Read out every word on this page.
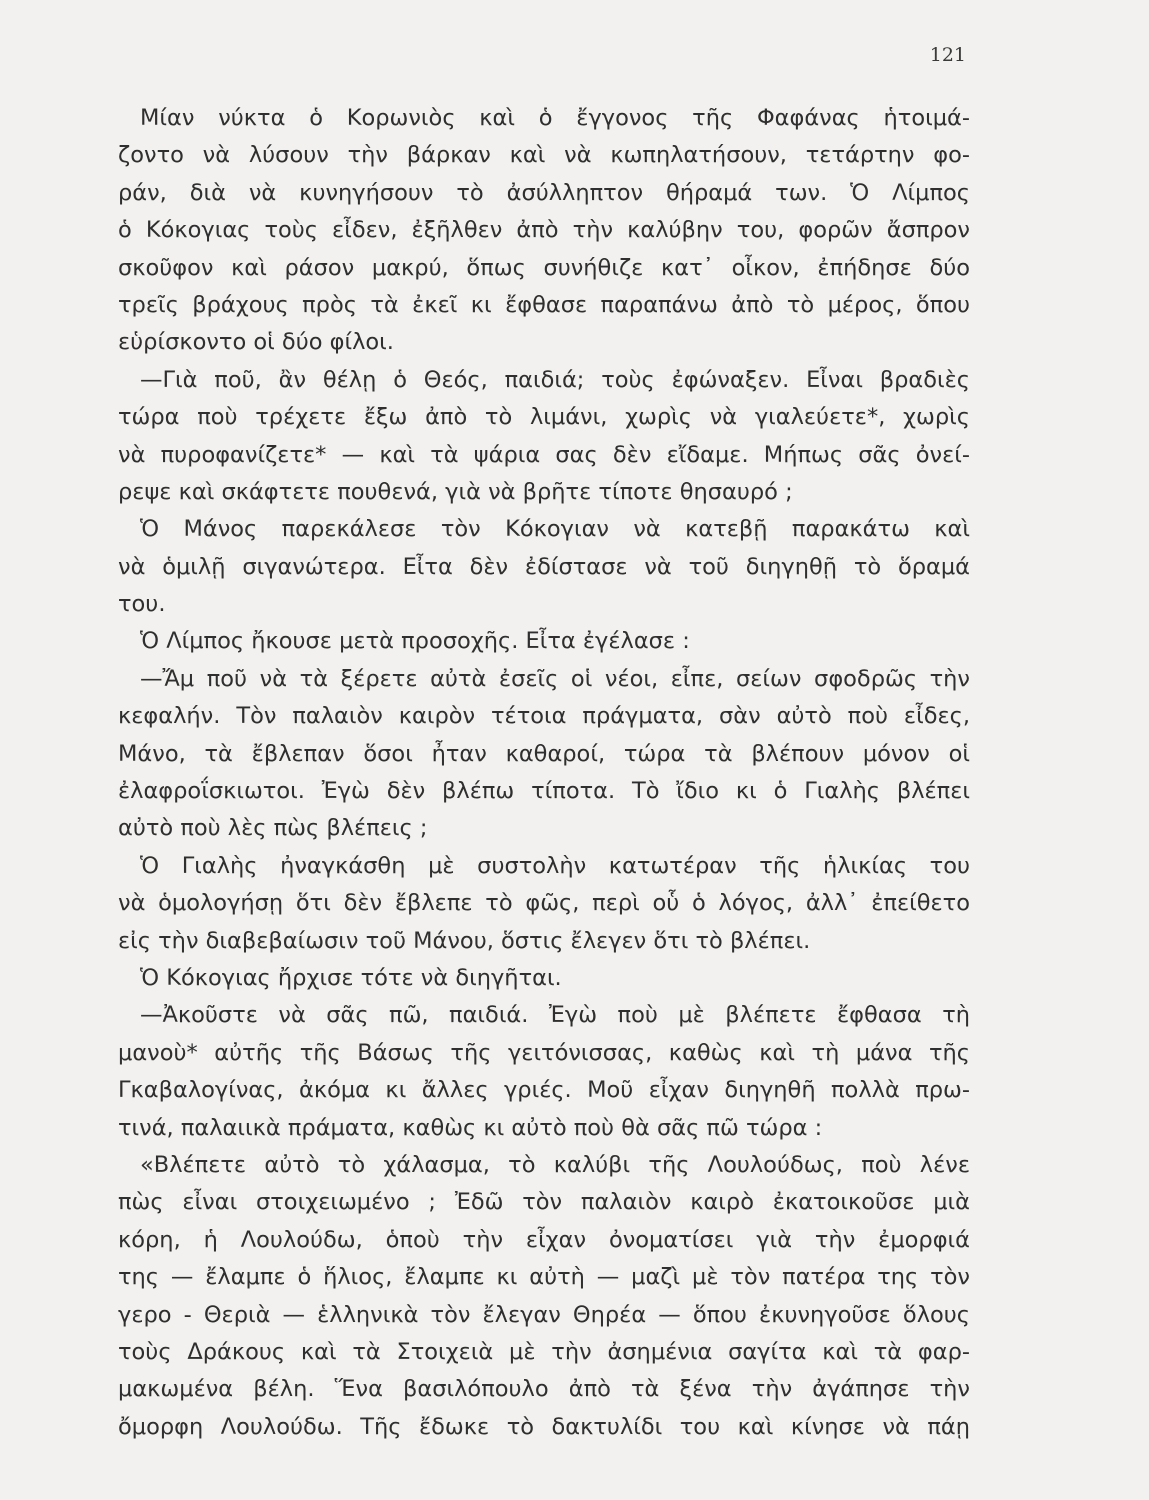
121
Μίαν νύκτα ὁ Κορωνιὸς καὶ ὁ ἔγγονος τῆς Φαφάνας ἡτοιμά-
ζοντο νὰ λύσουν τὴν βάρκαν καὶ νὰ κωπηλατήσουν, τετάρτην φο-
ράν, διὰ νὰ κυνηγήσουν τὸ ἀσύλληπτον θήραμά των. Ὁ Λίμπος
ὁ Κόκογιας τοὺς εἶδεν, ἐξῆλθεν ἀπὸ τὴν καλύβην του, φορῶν ἄσπρον
σκοῦφον καὶ ράσον μακρύ, ὅπως συνήθιζε κατ᾽ οἶκον, ἐπήδησε δύο
τρεῖς βράχους πρὸς τὰ ἐκεῖ κι ἔφθασε παραπάνω ἀπὸ τὸ μέρος, ὅπου
εὑρίσκοντο οἱ δύο φίλοι.
—Γιὰ ποῦ, ἂν θέλῃ ὁ Θεός, παιδιά; τοὺς ἐφώναξεν. Εἶναι βραδιὲς
τώρα ποὺ τρέχετε ἔξω ἀπὸ τὸ λιμάνι, χωρὶς νὰ γιαλεύετε*, χωρὶς
νὰ πυροφανίζετε* — καὶ τὰ ψάρια σας δὲν εἴδαμε. Μήπως σᾶς ὀνεί-
ρεψε καὶ σκάφτετε πουθενά, γιὰ νὰ βρῆτε τίποτε θησαυρό ;
Ὁ Μάνος παρεκάλεσε τὸν Κόκογιαν νὰ κατεβῇ παρακάτω καὶ
νὰ ὁμιλῇ σιγανώτερα. Εἶτα δὲν ἐδίστασε νὰ τοῦ διηγηθῇ τὸ ὅραμά
του.
Ὁ Λίμπος ἤκουσε μετὰ προσοχῆς. Εἶτα ἐγέλασε :
—Ἄμ ποῦ νὰ τὰ ξέρετε αὐτὰ ἐσεῖς οἱ νέοι, εἶπε, σείων σφοδρῶς τὴν
κεφαλήν. Τὸν παλαιὸν καιρὸν τέτοια πράγματα, σὰν αὐτὸ ποὺ εἶδες,
Μάνο, τὰ ἔβλεπαν ὅσοι ἦταν καθαροί, τώρα τὰ βλέπουν μόνον οἱ
ἐλαφροΐσκιωτοι. Ἐγὼ δὲν βλέπω τίποτα. Τὸ ἴδιο κι ὁ Γιαλὴς βλέπει
αὐτὸ ποὺ λὲς πὼς βλέπεις ;
Ὁ Γιαλὴς ἠναγκάσθη μὲ συστολὴν κατωτέραν τῆς ἡλικίας του
νὰ ὁμολογήσῃ ὅτι δὲν ἔβλεπε τὸ φῶς, περὶ οὗ ὁ λόγος, ἀλλ᾽ ἐπείθετο
εἰς τὴν διαβεβαίωσιν τοῦ Μάνου, ὅστις ἔλεγεν ὅτι τὸ βλέπει.
Ὁ Κόκογιας ἤρχισε τότε νὰ διηγῆται.
—Ἀκοῦστε νὰ σᾶς πῶ, παιδιά. Ἐγὼ ποὺ μὲ βλέπετε ἔφθασα τὴ
μανοὺ* αὐτῆς τῆς Βάσως τῆς γειτόνισσας, καθὼς καὶ τὴ μάνα τῆς
Γκαβαλογίνας, ἀκόμα κι ἄλλες γριές. Μοῦ εἶχαν διηγηθῆ πολλὰ πρω-
τινά, παλαιικὰ πράματα, καθὼς κι αὐτὸ ποὺ θὰ σᾶς πῶ τώρα :
«Βλέπετε αὐτὸ τὸ χάλασμα, τὸ καλύβι τῆς Λουλούδως, ποὺ λένε
πὼς εἶναι στοιχειωμένο ; Ἐδῶ τὸν παλαιὸν καιρὸ ἐκατοικοῦσε μιὰ
κόρη, ἡ Λουλούδω, ὁποὺ τὴν εἶχαν ὀνοματίσει γιὰ τὴν ἐμορφιά
της — ἔλαμπε ὁ ἥλιος, ἔλαμπε κι αὐτὴ — μαζὶ μὲ τὸν πατέρα της τὸν
γερο - Θεριὰ — ἑλληνικὰ τὸν ἔλεγαν Θηρέα — ὅπου ἐκυνηγοῦσε ὅλους
τοὺς Δράκους καὶ τὰ Στοιχειὰ μὲ τὴν ἀσημένια σαγίτα καὶ τὰ φαρ-
μακωμένα βέλη. Ἕνα βασιλόπουλο ἀπὸ τὰ ξένα τὴν ἀγάπησε τὴν
ὄμορφη Λουλούδω. Τῆς ἔδωκε τὸ δακτυλίδι του καὶ κίνησε νὰ πάῃ
